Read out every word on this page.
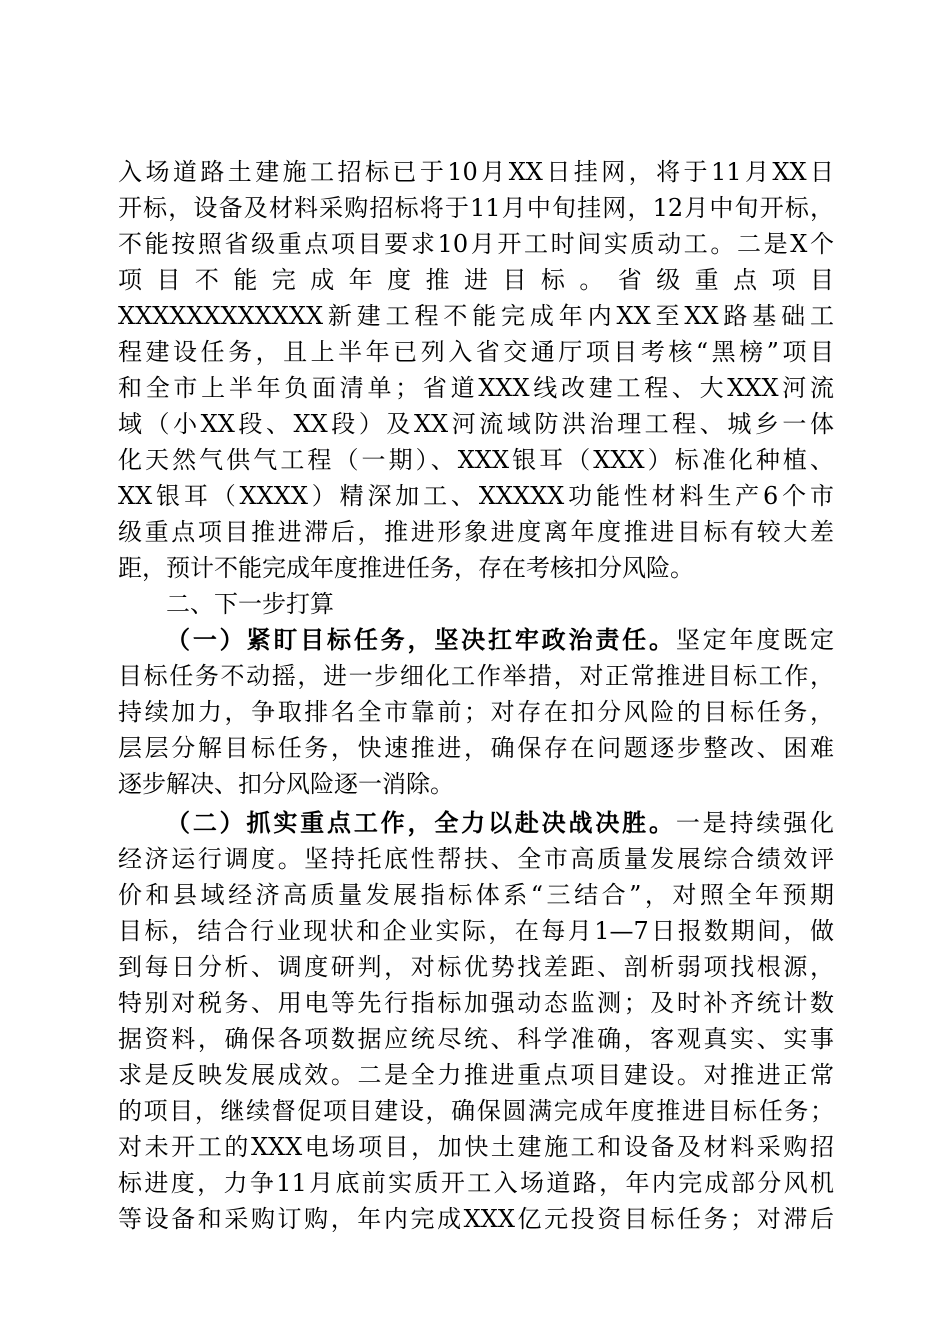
入场道路土建施工招标已于10月XX日挂网，将于11月XX日
开标，设备及材料采购招标将于11月中旬挂网，12月中旬开标，
不能按照省级重点项目要求10月开工时间实质动工。二是X个
项 目 不 能 完 成 年 度 推 进 目 标 。 省 级 重 点 项 目
XXXXXXXXXXXX新建工程不能完成年内XX至XX路基础工
程建设任务，且上半年已列入省交通厅项目考核“黑榜”项目
和全市上半年负面清单；省道XXX线改建工程、大XXX河流
域（小XX段、XX段）及XX河流域防洪治理工程、城乡一体
化天然气供气工程（一期）、XXX银耳（XXX）标准化种植、
XX银耳（XXXX）精深加工、XXXXX功能性材料生产6个市
级重点项目推进滞后，推进形象进度离年度推进目标有较大差
距，预计不能完成年度推进任务，存在考核扣分风险。
二、下一步打算
（一）紧盯目标任务，坚决扛牢政治责任。坚定年度既定
目标任务不动摇，进一步细化工作举措，对正常推进目标工作，
持续加力，争取排名全市靠前；对存在扣分风险的目标任务，
层层分解目标任务，快速推进，确保存在问题逐步整改、困难
逐步解决、扣分风险逐一消除。
（二）抓实重点工作，全力以赴决战决胜。一是持续强化
经济运行调度。坚持托底性帮扶、全市高质量发展综合绩效评
价和县域经济高质量发展指标体系“三结合”，对照全年预期
目标，结合行业现状和企业实际，在每月1—7日报数期间，做
到每日分析、调度研判，对标优势找差距、剖析弱项找根源，
特别对税务、用电等先行指标加强动态监测；及时补齐统计数
据资料，确保各项数据应统尽统、科学准确，客观真实、实事
求是反映发展成效。二是全力推进重点项目建设。对推进正常
的项目，继续督促项目建设，确保圆满完成年度推进目标任务；
对未开工的XXX电场项目，加快土建施工和设备及材料采购招
标进度，力争11月底前实质开工入场道路，年内完成部分风机
等设备和采购订购，年内完成XXX亿元投资目标任务；对滞后
